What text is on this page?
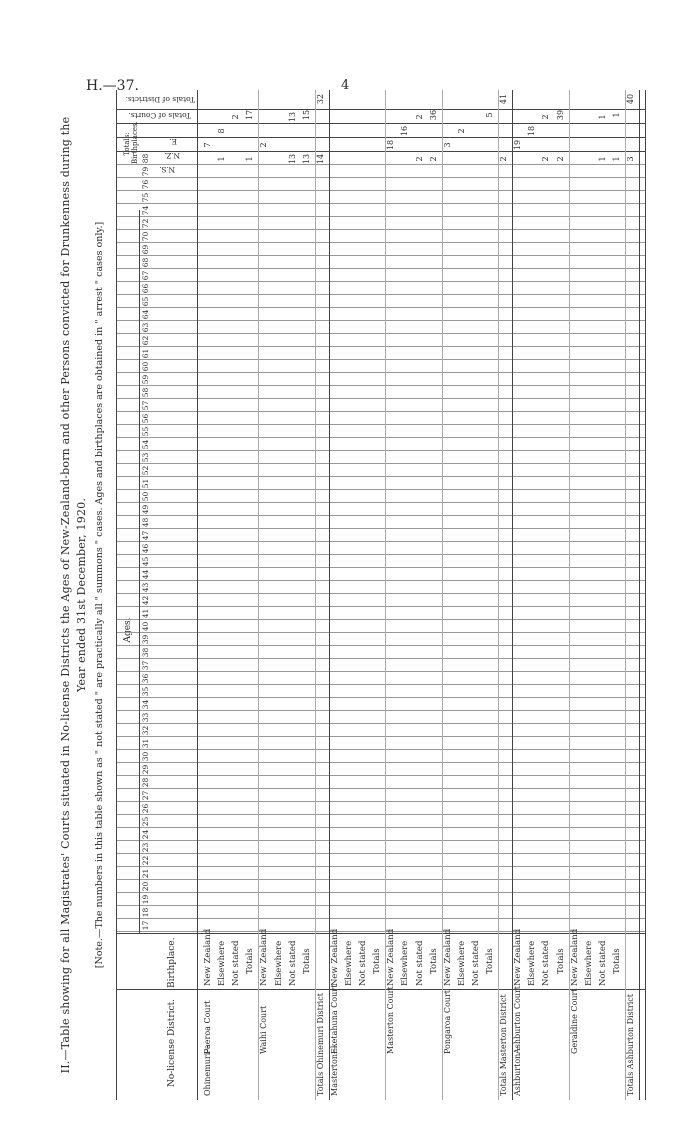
H.—37.	4
II.—Table showing for all Magistrates' Courts situated in No-license Districts the Ages of New-Zealand-born and other Persons convicted for Drunkenness during the Year ended 31st December, 1920. [Note.—The numbers in this table shown as " not stated " are practically all " summons " cases. Ages and birthplaces are obtained in " arrest " cases only.]
No-license District.
Birthplace.
Ages.
Totals: Birthplaces.
N.S.
N.Z.
E.
Totals of Courts.
Totals of Districts.
17
18
19
20
21
22
23
24
25
26
27
28
29
30
31
32
33
34
35
36
37
38
39
40
41
42
43
44
45
46
47
48
49
50
51
52
53
54
55
56
57
58
59
60
61
62
63
64
65
66
67
68
69
70
72
74
75
76
79
88
Ohinemuri—
Paeroa Court
New Zealand
7
Elsewhere
1
8
Not stated
2
Totals
1
17
Waihi Court
New Zealand
2
Elsewhere Not stated
13
13
Totals
13
15
Totals Ohinemuri District
14
32
Masterton—
Eketahuna Court
New Zealand Elsewhere Not stated Totals
Masterton Court
New Zealand
18
Elsewhere
16
Not stated
2
2
Totals
2
36
Pongaroa Court
New Zealand
3
Elsewhere
2
Not stated Totals
5
Totals Masterton District
2
41
Ashburton—
Ashburton Court
New Zealand
19
Elsewhere
18
Not stated
2
2
Totals
2
39
Geraldine Court
New Zealand Elsewhere Not stated
1
1
Totals
1
1
Totals Ashburton District
3
40
